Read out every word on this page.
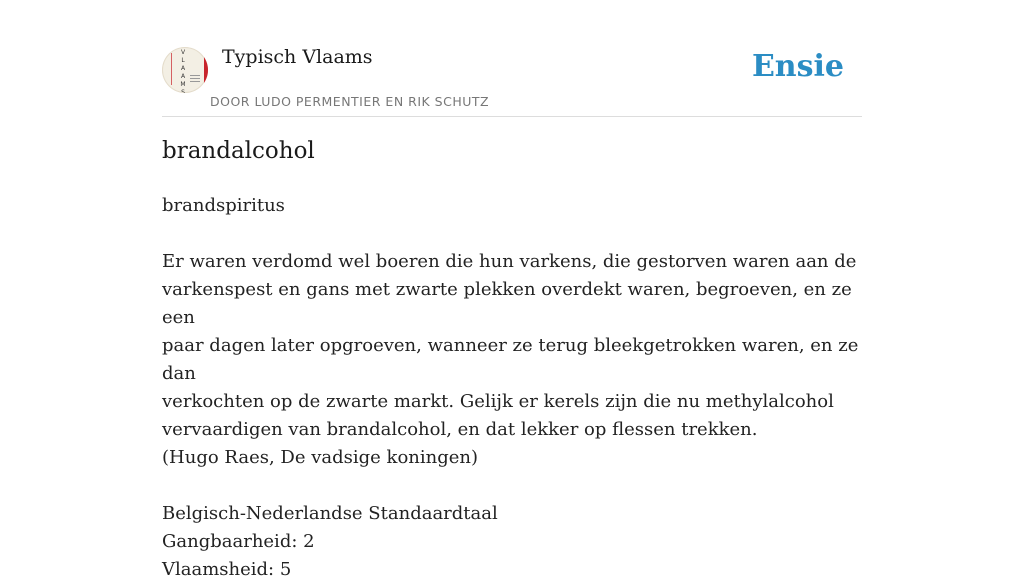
V
L
A
A
M
S
Typisch Vlaams
DOOR LUDO PERMENTIER EN RIK SCHUTZ
Ensie
brandalcohol

brandspiritus

Er waren verdomd wel boeren die hun varkens, die gestorven waren aan de

varkenspest en gans met zwarte plekken overdekt waren, begroeven, en ze een

paar dagen later opgroeven, wanneer ze terug bleekgetrokken waren, en ze dan

verkochten op de zwarte markt. Gelijk er kerels zijn die nu methylalcohol

vervaardigen van brandalcohol, en dat lekker op flessen trekken.

(Hugo Raes, De vadsige koningen)

Belgisch-Nederlandse Standaardtaal

Gangbaarheid: 2

Vlaamsheid: 5
